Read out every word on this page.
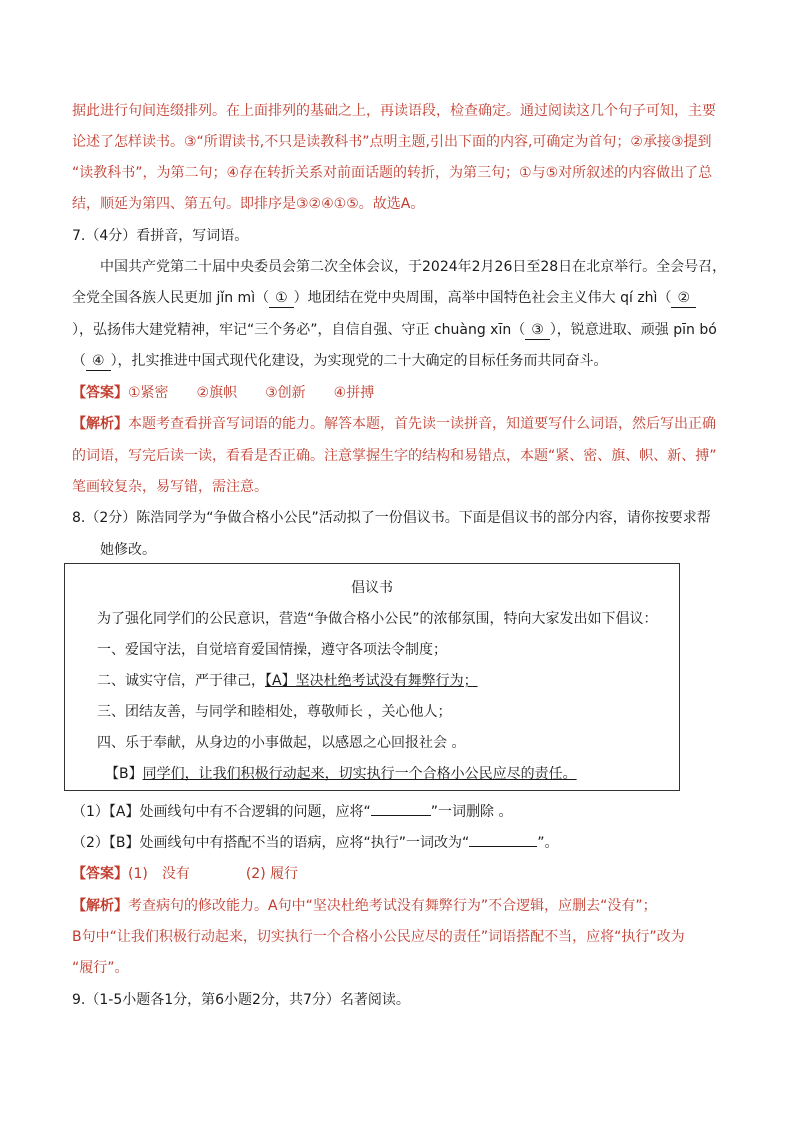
据此进行句间连缀排列。在上面排列的基础之上，再读语段，检查确定。通过阅读这几个句子可知，主要
论述了怎样读书。③“所谓读书,不只是读教科书”点明主题,引出下面的内容,可确定为首句；②承接③提到
“读教科书”，为第二句；④存在转折关系对前面话题的转折，为第三句；①与⑤对所叙述的内容做出了总
结，顺延为第四、第五句。即排序是③②④①⑤。故选A。
7.（4分）看拼音，写词语。
中国共产党第二十届中央委员会第二次全体会议，于2024年2月26日至28日在北京举行。全会号召，
全党全国各族人民更加 jǐn mì（ ① ）地团结在党中央周围，高举中国特色社会主义伟大 qí zhì（ ②
），弘扬伟大建党精神，牢记“三个务必”，自信自强、守正 chuàng xīn（ ③ ），锐意进取、顽强 pīn bó
（ ④ ），扎实推进中国式现代化建设，为实现党的二十大确定的目标任务而共同奋斗。
【答案】①紧密　　②旗帜　　③创新　　④拼搏
【解析】本题考查看拼音写词语的能力。解答本题，首先读一读拼音，知道要写什么词语，然后写出正确
的词语，写完后读一读，看看是否正确。注意掌握生字的结构和易错点，本题“紧、密、旗、帜、新、搏”
笔画较复杂，易写错，需注意。
8.（2分）陈浩同学为“争做合格小公民”活动拟了一份倡议书。下面是倡议书的部分内容，请你按要求帮
她修改。
倡议书
为了强化同学们的公民意识，营造“争做合格小公民”的浓郁氛围，特向大家发出如下倡议：
一、爱国守法，自觉培育爱国情操，遵守各项法令制度；
二、诚实守信，严于律己，【A】坚决杜绝考试没有舞弊行为；
三、团结友善，与同学和睦相处，尊敬师长 ，关心他人；
四、乐于奉献，从身边的小事做起，以感恩之心回报社会 。
【B】同学们，让我们积极行动起来，切实执行一个合格小公民应尽的责任。
（1）【A】处画线句中有不合逻辑的问题，应将“	”一词删除 。
（2）【B】处画线句中有搭配不当的语病，应将“执行”一词改为“	”。
【答案】(1)　没有　　　　(2) 履行
【解析】考查病句的修改能力。A句中“坚决杜绝考试没有舞弊行为”不合逻辑，应删去“没有”；
B句中“让我们积极行动起来，切实执行一个合格小公民应尽的责任”词语搭配不当，应将“执行”改为
“履行”。
9.（1-5小题各1分，第6小题2分，共7分）名著阅读。
